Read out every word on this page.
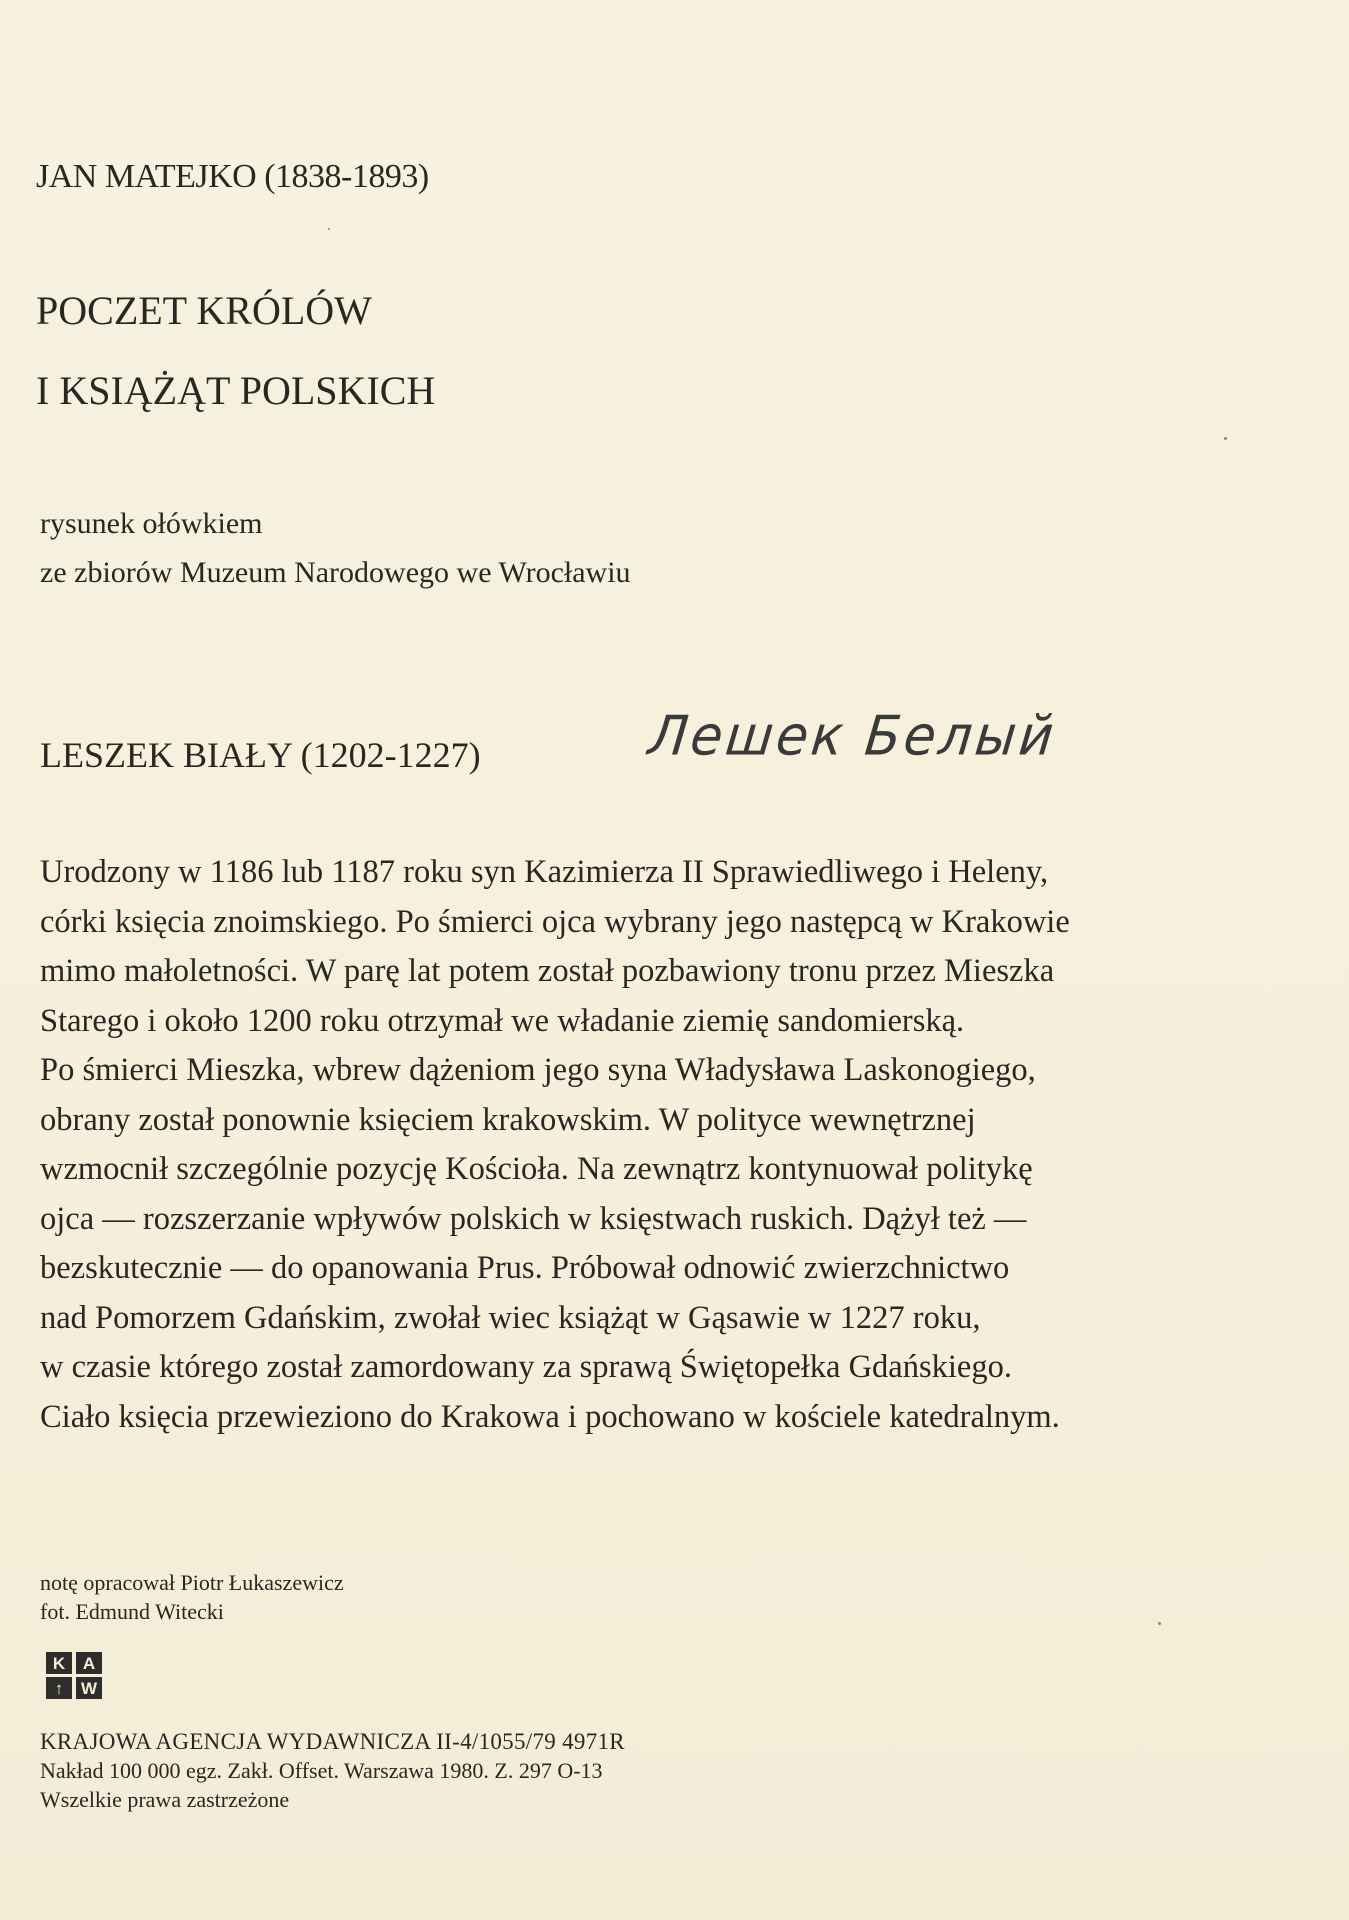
JAN MATEJKO (1838-1893)
POCZET KRÓLÓW
I KSIĄŻĄT POLSKICH
rysunek ołówkiem
ze zbiorów Muzeum Narodowego we Wrocławiu
LESZEK BIAŁY (1202-1227)	Лешек Белый
Urodzony w 1186 lub 1187 roku syn Kazimierza II Sprawiedliwego i Heleny,
córki księcia znoimskiego. Po śmierci ojca wybrany jego następcą w Krakowie
mimo małoletności. W parę lat potem został pozbawiony tronu przez Mieszka
Starego i około 1200 roku otrzymał we władanie ziemię sandomierską.
Po śmierci Mieszka, wbrew dążeniom jego syna Władysława Laskonogiego,
obrany został ponownie księciem krakowskim. W polityce wewnętrznej
wzmocnił szczególnie pozycję Kościoła. Na zewnątrz kontynuował politykę
ojca — rozszerzanie wpływów polskich w księstwach ruskich. Dążył też —
bezskutecznie — do opanowania Prus. Próbował odnowić zwierzchnictwo
nad Pomorzem Gdańskim, zwołał wiec książąt w Gąsawie w 1227 roku,
w czasie którego został zamordowany za sprawą Świętopełka Gdańskiego.
Ciało księcia przewieziono do Krakowa i pochowano w kościele katedralnym.
notę opracował Piotr Łukaszewicz
fot. Edmund Witecki
K	A
↑	W
KRAJOWA AGENCJA WYDAWNICZA II-4/1055/79 4971R
Nakład 100 000 egz. Zakł. Offset. Warszawa 1980. Z. 297 O-13
Wszelkie prawa zastrzeżone
